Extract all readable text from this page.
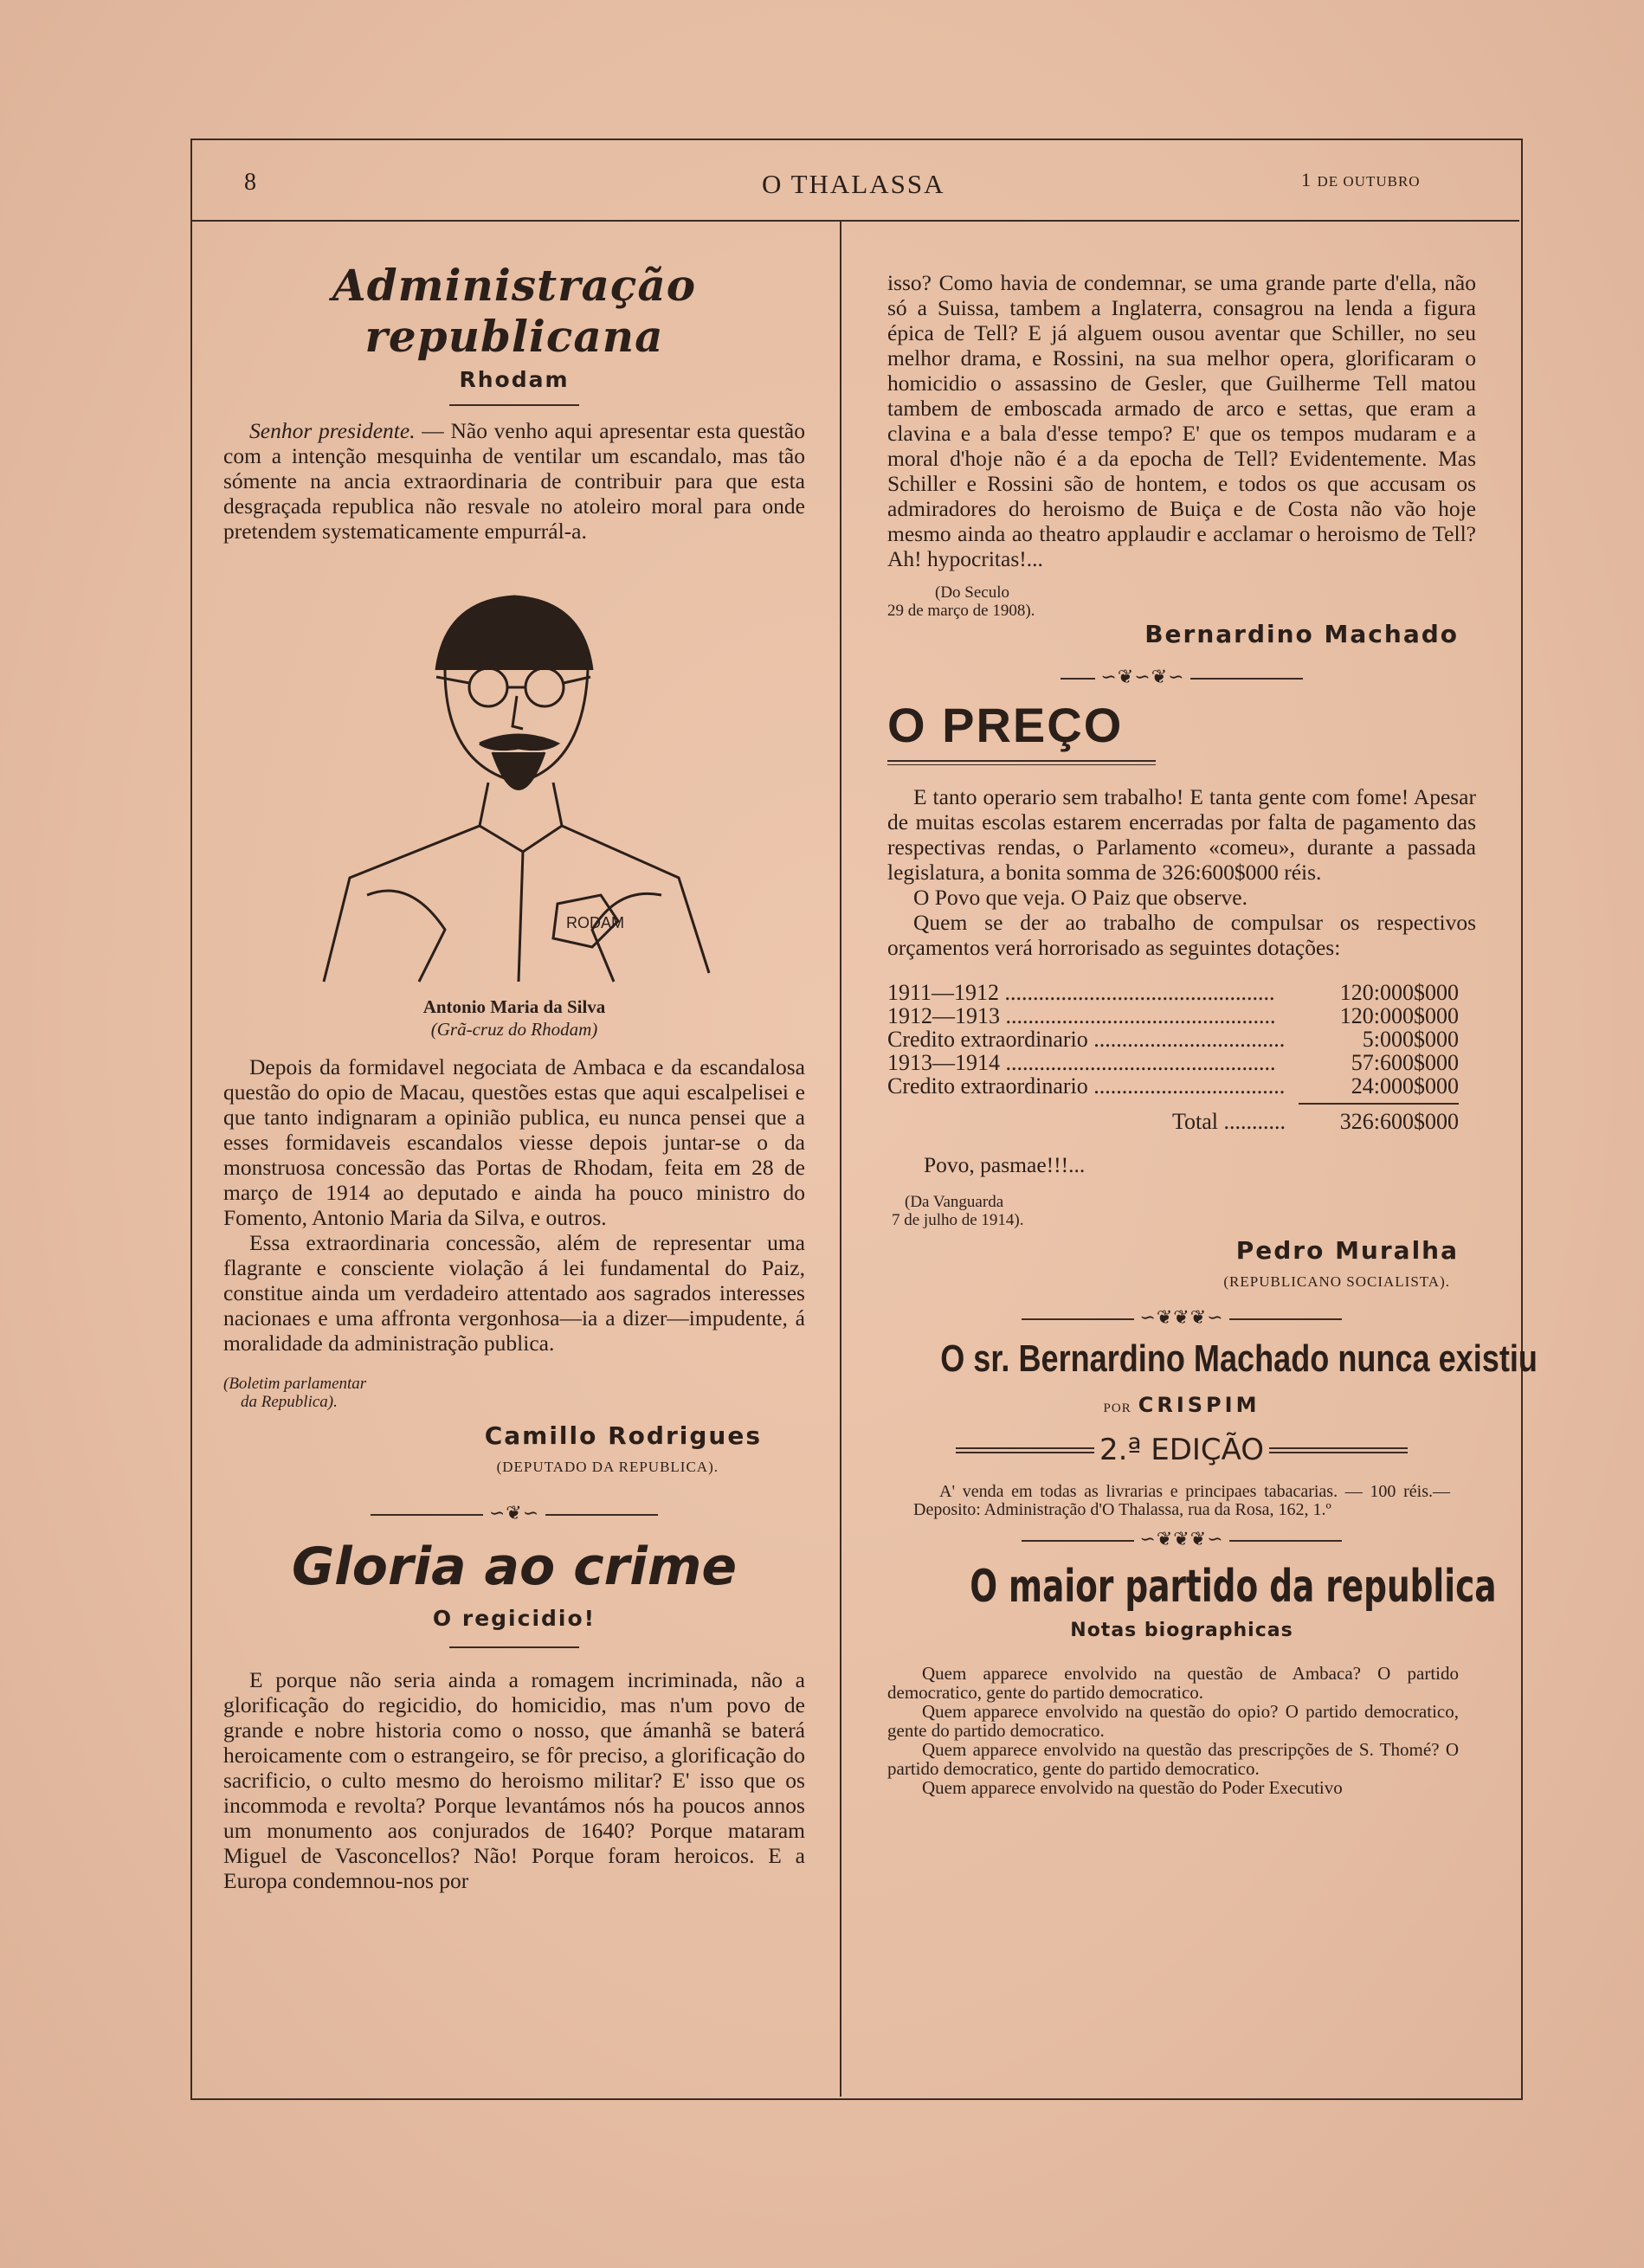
8	O THALASSA	1 DE OUTUBRO
Administração republicana
Rhodam

Senhor presidente. — Não venho aqui apresentar esta questão com a intenção mesquinha de ventilar um escandalo, mas tão sómente na ancia extraordinaria de contribuir para que esta desgraçada republica não resvale no atoleiro moral para onde pretendem systematicamente empurrál-a.

RODAM
Antonio Maria da Silva
(Grã-cruz do Rhodam)

Depois da formidavel negociata de Ambaca e da escandalosa questão do opio de Macau, questões estas que aqui escalpelisei e que tanto indignaram a opinião publica, eu nunca pensei que a esses formidaveis escandalos viesse depois juntar-se o da monstruosa concessão das Portas de Rhodam, feita em 28 de março de 1914 ao deputado e ainda ha pouco ministro do Fomento, Antonio Maria da Silva, e outros.

Essa extraordinaria concessão, além de representar uma flagrante e consciente violação á lei fundamental do Paiz, constitue ainda um verdadeiro attentado aos sagrados interesses nacionaes e uma affronta vergonhosa—ia a dizer—impudente, á moralidade da administração publica.

(Boletim parlamentar
da Republica).
Camillo Rodrigues
(DEPUTADO DA REPUBLICA).
∽❦∽
Gloria ao crime
O regicidio!

E porque não seria ainda a romagem incriminada, não a glorificação do regicidio, do homicidio, mas n'um povo de grande e nobre historia como o nosso, que ámanhã se baterá heroicamente com o estrangeiro, se fôr preciso, a glorificação do sacrificio, o culto mesmo do heroismo militar? E' isso que os incommoda e revolta? Porque levantámos nós ha poucos annos um monumento aos conjurados de 1640? Porque mataram Miguel de Vasconcellos? Não! Porque foram heroicos. E a Europa condemnou-nos por

isso? Como havia de condemnar, se uma grande parte d'ella, não só a Suissa, tambem a Inglaterra, consagrou na lenda a figura épica de Tell? E já alguem ousou aventar que Schiller, no seu melhor drama, e Rossini, na sua melhor opera, glorificaram o homicidio o assassino de Gesler, que Guilherme Tell matou tambem de emboscada armado de arco e settas, que eram a clavina e a bala d'esse tempo? E' que os tempos mudaram e a moral d'hoje não é a da epocha de Tell? Evidentemente. Mas Schiller e Rossini são de hontem, e todos os que accusam os admiradores do heroismo de Buiça e de Costa não vão hoje mesmo ainda ao theatro applaudir e acclamar o heroismo de Tell? Ah! hypocritas!...

(Do Seculo
29 de março de 1908).
Bernardino Machado
∽❦∽❦∽
O PREÇO

E tanto operario sem trabalho! E tanta gente com fome! Apesar de muitas escolas estarem encerradas por falta de pagamento das respectivas rendas, o Parlamento «comeu», durante a passada legislatura, a bonita somma de 326:600$000 réis.

O Povo que veja. O Paiz que observe.

Quem se der ao trabalho de compulsar os respectivos orçamentos verá horrorisado as seguintes dotações:

1911—1912 .....	120:000$000
1912—1913 .....	120:000$000
Credito extraordinario .....	5:000$000
1913—1914 .....	57:600$000
Credito extraordinario .....	24:000$000
Total .....	326:600$000
Povo, pasmae!!!...
(Da Vanguarda
7 de julho de 1914).
Pedro Muralha
(REPUBLICANO SOCIALISTA).
∽❦❦❦∽
O sr. Bernardino Machado nunca existiu
POR CRISPIM
2.ª EDIÇÃO

A' venda em todas as livrarias e principaes tabacarias. — 100 réis.—Deposito: Administração d'O Thalassa, rua da Rosa, 162, 1.º

∽❦❦❦∽
O maior partido da republica
Notas biographicas

Quem apparece envolvido na questão de Ambaca? O partido democratico, gente do partido democratico.

Quem apparece envolvido na questão do opio? O partido democratico, gente do partido democratico.

Quem apparece envolvido na questão das prescripções de S. Thomé? O partido democratico, gente do partido democratico.

Quem apparece envolvido na questão do Poder Executivo
